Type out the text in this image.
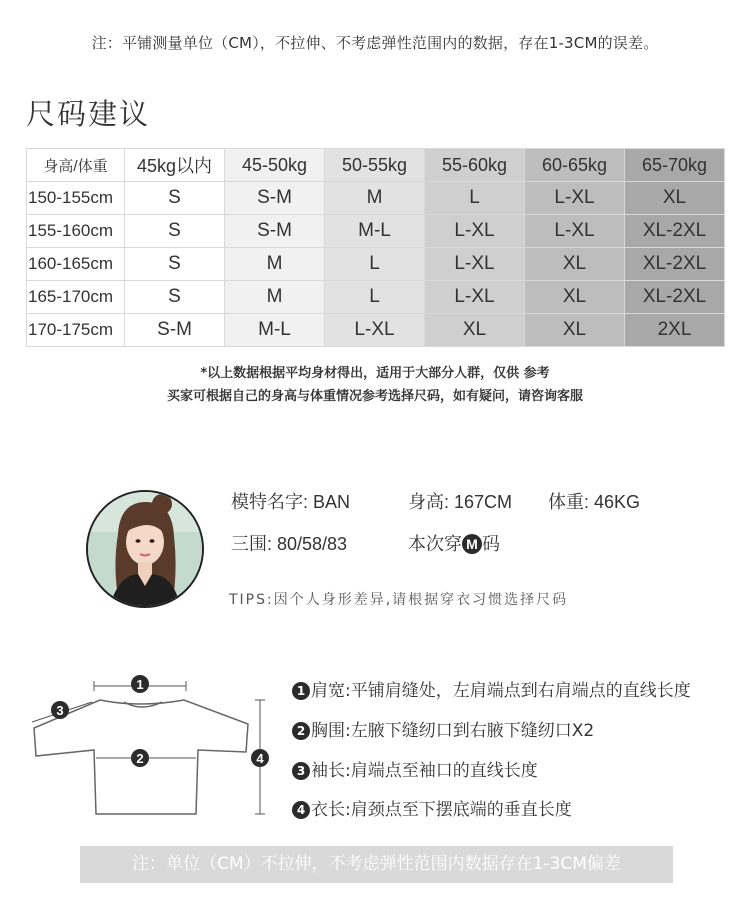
注：平铺测量单位（CM），不拉伸、不考虑弹性范围内的数据，存在1-3CM的误差。
尺码建议
身高/体重	45kg以内	45-50kg	50-55kg	55-60kg	60-65kg	65-70kg
150-155cm	S	S-M	M	L	L-XL	XL
155-160cm	S	S-M	M-L	L-XL	L-XL	XL-2XL
160-165cm	S	M	L	L-XL	XL	XL-2XL
165-170cm	S	M	L	L-XL	XL	XL-2XL
170-175cm	S-M	M-L	L-XL	XL	XL	2XL
*以上数据根据平均身材得出，适用于大部分人群，仅供 参考
买家可根据自己的身高与体重情况参考选择尺码，如有疑问，请咨询客服
模特名字: BAN	身高: 167CM 体重: 46KG
三围: 80/58/83	本次穿 M 码
TIPS:因个人身形差异,请根据穿衣习惯选择尺码
1
2
3
4
1 肩宽:平铺肩缝处，左肩端点到右肩端点的直线长度
2 胸围:左腋下缝纫口到右腋下缝纫口X2
3 袖长:肩端点至袖口的直线长度
4 衣长:肩颈点至下摆底端的垂直长度
注：单位（CM）不拉伸，不考虑弹性范围内数据存在1-3CM偏差
